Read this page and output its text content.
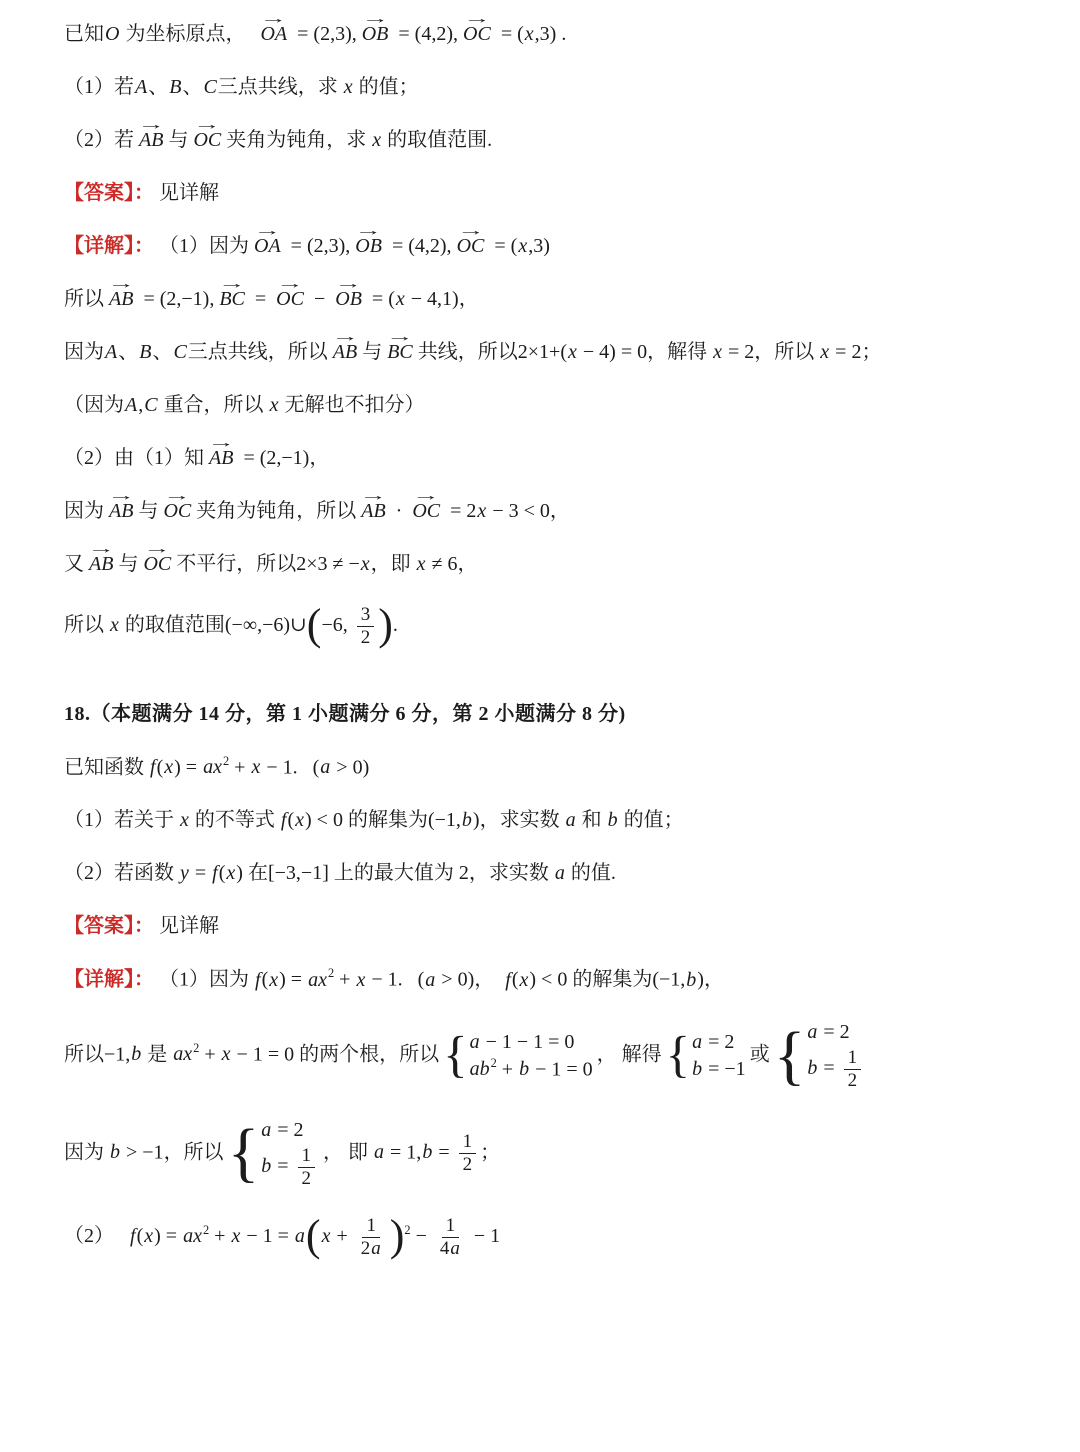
已知O 为坐标原点，  OA → = (2,3), OB → = (4,2), OC → = (x,3) .
（1）若A、B、C三点共线，求 x 的值；
（2）若 AB → 与 OC → 夹角为钝角，求 x 的取值范围.
【答案】： 见详解
【详解】： （1）因为 OA → = (2,3), OB → = (4,2), OC → = (x,3)
所以 AB → = (2,−1), BC → = OC → − OB → = (x − 4,1)，
因为A、B、C三点共线，所以 AB → 与 BC → 共线，所以2×1+(x − 4) = 0，解得 x = 2，所以 x = 2；
（因为A,C 重合，所以 x 无解也不扣分）
（2）由（1）知 AB → = (2,−1)，
因为 AB → 与 OC → 夹角为钝角，所以 AB → · OC → = 2x − 3 < 0，
又 AB → 与 OC → 不平行，所以2×3 ≠ −x，即 x ≠ 6，
所以 x 的取值范围(−∞,−6)∪(−6, $\frac{3}{2}$ ).
18.（本题满分 14 分，第 1 小题满分 6 分，第 2 小题满分 8 分)
已知函数 $f(x) = ax^2 + x - 1$.   (a > 0)
（1）若关于 x 的不等式 f(x) < 0 的解集为(−1,b)，求实数 a 和 b 的值；
（2）若函数 y = f(x) 在[−3,−1] 上的最大值为 2，求实数 a 的值.
【答案】： 见详解
【详解】： （1）因为 $f(x) = ax^2 + x - 1$.   (a > 0)，  f(x) < 0 的解集为(−1,b)，
所以−1,b 是 $ax^2 + x - 1 = 0$ 的两个根，所以 { a − 1 − 1 = 0
$ab^2 + b - 1 = 0$
， 解得 { a = 2
b = −1
或 { a = 2
$b = \frac{1}{2}$
因为 b > −1，所以 { a = 2
$b = \frac{1}{2}$ ， 即 $a = 1,b = \frac{1}{2}$ ；
（2）   $f(x) = ax^2 + x - 1 = a(x + \frac{1}{2a} )^2 - \frac{1}{4a} - 1$
